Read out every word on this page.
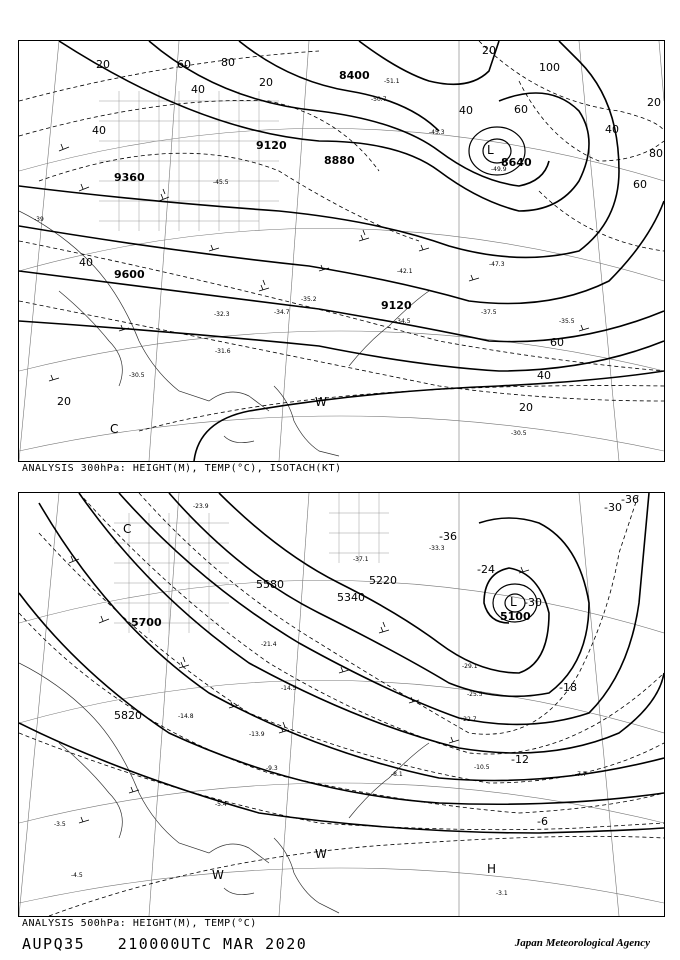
9120
9360
9600
8880	8640
8400
9120
20
40
60	80	100
20
40
60
40
20
40
60
80
20
40
60
40
20
20
-51.1
-50.7
-49.9
-45.3
-47.3
-42.1
-37.5
-34.5
-35.2
-34.7
-32.3
-31.6
-30.5
-35.5
-30.5
-45.5
-39
L
W
C
ANALYSIS 300hPa: HEIGHT(M), TEMP(°C), ISOTACH(KT)
5700
5580
5340
5220
5100
5820
-36
-30
-24
-30
-18
-12
-6
-36
-33.3
-37.1
-29.1
-25.5
-22.7
-14.5
-10.5
-8.1
-9.3
-5.4
-3.5
-4.5
-7.7
-3.1
-13.9
-14.8
-21.4
-23.9
L
C
W
W	H
ANALYSIS 500hPa: HEIGHT(M), TEMP(°C)
AUPQ35 210000UTC MAR 2020	Japan Meteorological Agency
